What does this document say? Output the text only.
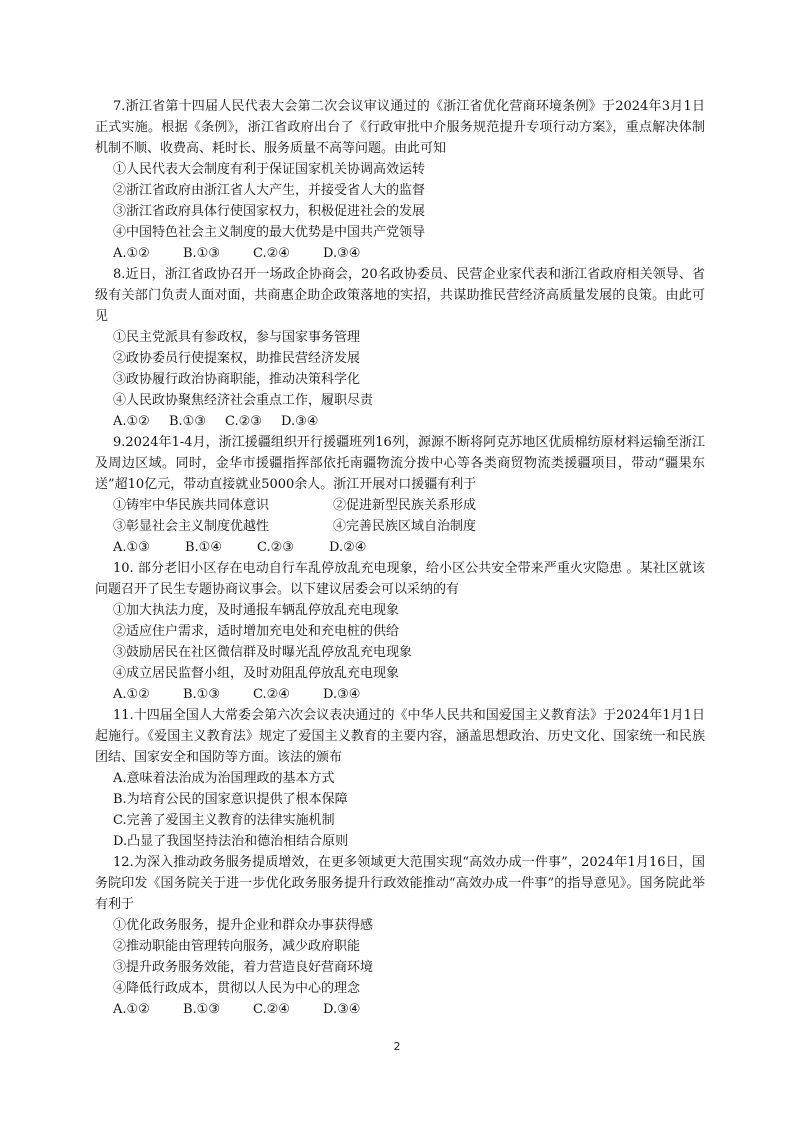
7.浙江省第十四届人民代表大会第二次会议审议通过的《浙江省优化营商环境条例》于2024年3月1日正式实施。根据《条例》，浙江省政府出台了《行政审批中介服务规范提升专项行动方案》，重点解决体制机制不顺、收费高、耗时长、服务质量不高等问题。由此可知

①人民代表大会制度有利于保证国家机关协调高效运转

②浙江省政府由浙江省人大产生，并接受省人大的监督

③浙江省政府具体行使国家权力，积极促进社会的发展

④中国特色社会主义制度的最大优势是中国共产党领导

A.①②	B.①③	C.②④	D.③④

8.近日，浙江省政协召开一场政企协商会，20名政协委员、民营企业家代表和浙江省政府相关领导、省级有关部门负责人面对面，共商惠企助企政策落地的实招，共谋助推民营经济高质量发展的良策。由此可见

①民主党派具有参政权，参与国家事务管理

②政协委员行使提案权，助推民营经济发展

③政协履行政治协商职能，推动决策科学化

④人民政协聚焦经济社会重点工作，履职尽责

A.①②	B.①③	C.②③	D.③④

9.2024年1-4月，浙江援疆组织开行援疆班列16列，源源不断将阿克苏地区优质棉纺原材料运输至浙江及周边区域。同时，金华市援疆指挥部依托南疆物流分拨中心等各类商贸物流类援疆项目，带动“疆果东送”超10亿元，带动直接就业5000余人。浙江开展对口援疆有利于

①铸牢中华民族共同体意识	②促进新型民族关系形成
③彰显社会主义制度优越性	④完善民族区域自治制度
A.①③	B.①④	C.②③	D.②④

10. 部分老旧小区存在电动自行车乱停放乱充电现象，给小区公共安全带来严重火灾隐患 。某社区就该问题召开了民生专题协商议事会。以下建议居委会可以采纳的有

①加大执法力度，及时通报车辆乱停放乱充电现象

②适应住户需求，适时增加充电处和充电桩的供给

③鼓励居民在社区微信群及时曝光乱停放乱充电现象

④成立居民监督小组，及时劝阻乱停放乱充电现象

A.①②	B.①③	C.②④	D.③④

11.十四届全国人大常委会第六次会议表决通过的《中华人民共和国爱国主义教育法》于2024年1月1日起施行。《爱国主义教育法》规定了爱国主义教育的主要内容，涵盖思想政治、历史文化、国家统一和民族团结、国家安全和国防等方面。该法的颁布

A.意味着法治成为治国理政的基本方式

B.为培育公民的国家意识提供了根本保障

C.完善了爱国主义教育的法律实施机制

D.凸显了我国坚持法治和德治相结合原则

12.为深入推动政务服务提质增效，在更多领域更大范围实现“高效办成一件事”，2024年1月16日，国务院印发《国务院关于进一步优化政务服务提升行政效能推动“高效办成一件事”的指导意见》。国务院此举有利于

①优化政务服务，提升企业和群众办事获得感

②推动职能由管理转向服务，减少政府职能

③提升政务服务效能，着力营造良好营商环境

④降低行政成本，贯彻以人民为中心的理念

A.①②	B.①③	C.②④	D.③④
2
